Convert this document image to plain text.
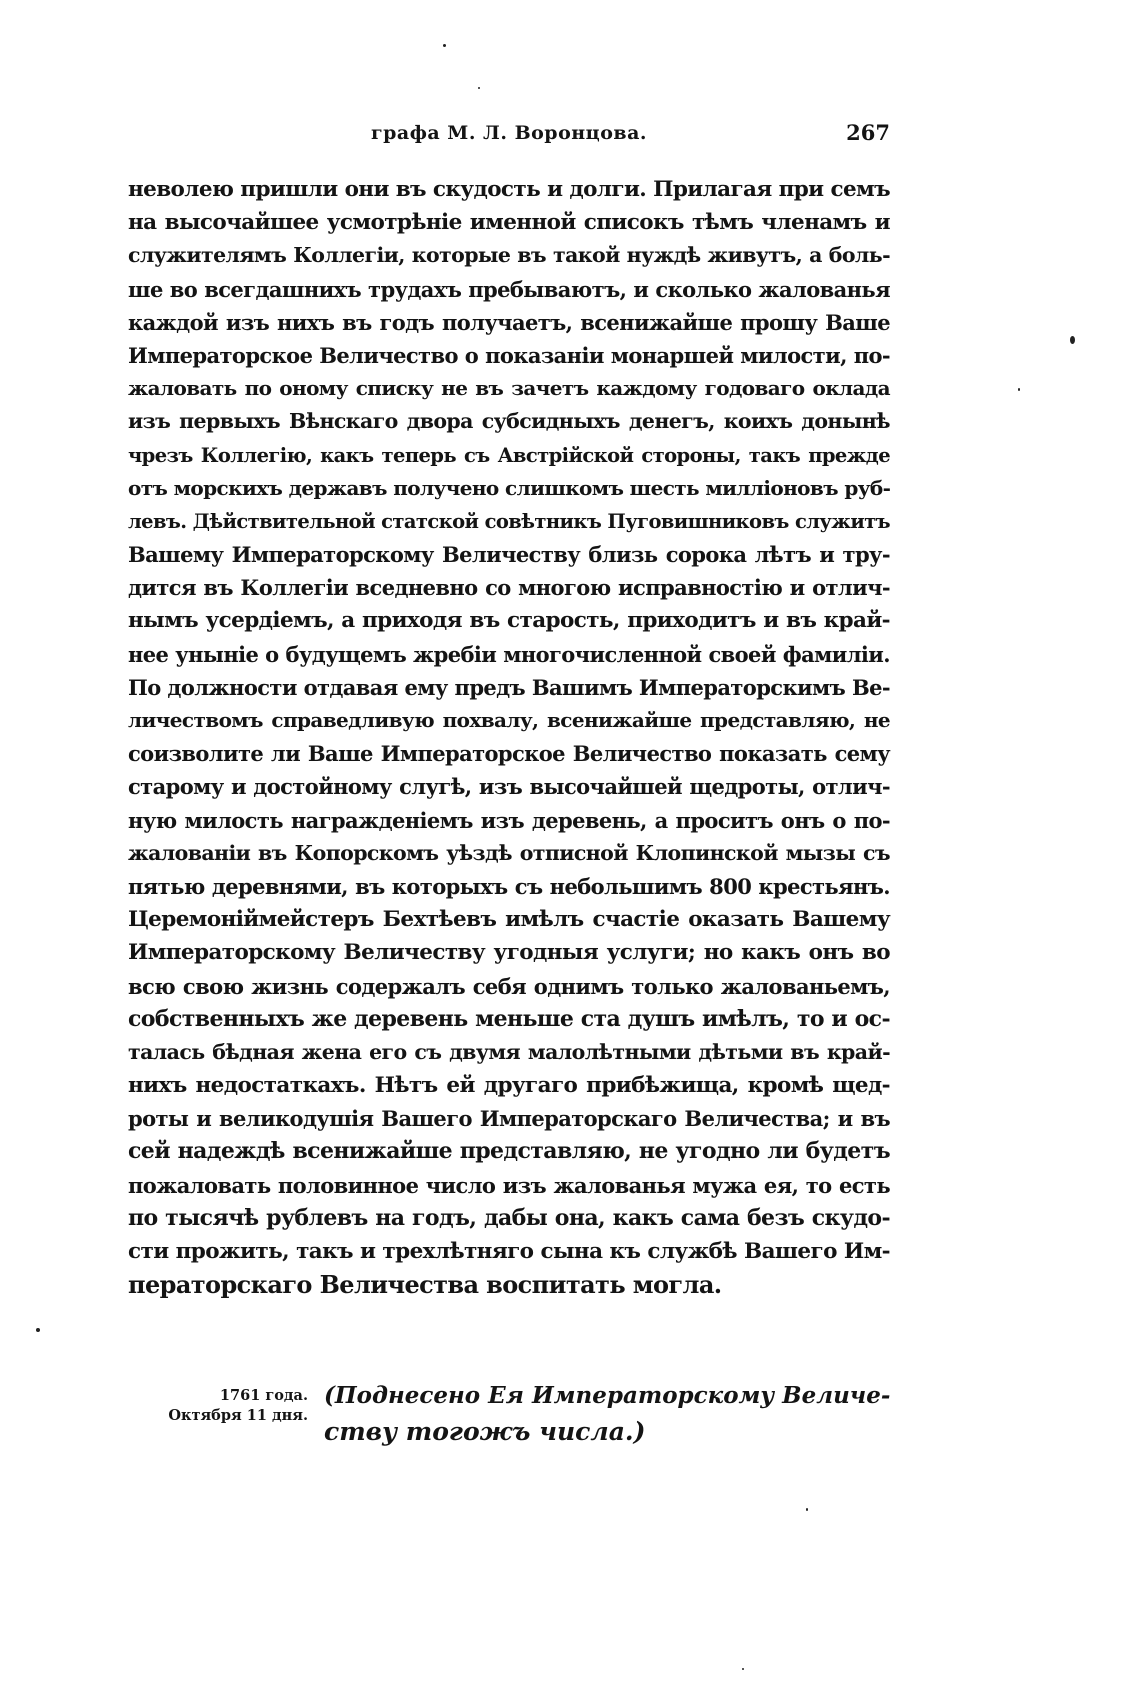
графа М. Л. Воронцова.	267
неволею пришли они въ скудость и долги. Прилагая при семъ
на высочайшее усмотрѣніе именной списокъ тѣмъ членамъ и
служителямъ Коллегіи, которые въ такой нуждѣ живутъ, а боль-
ше во всегдашнихъ трудахъ пребываютъ, и сколько жалованья
каждой изъ нихъ въ годъ получаетъ, всенижайше прошу Ваше
Императорское Величество о показаніи монаршей милости, по-
жаловать по оному списку не въ зачетъ каждому годоваго оклада
изъ первыхъ Вѣнскаго двора субсидныхъ денегъ, коихъ донынѣ
чрезъ Коллегію, какъ теперь съ Австрійской стороны, такъ прежде
отъ морскихъ державъ получено слишкомъ шесть милліоновъ руб-
левъ. Дѣйствительной статской совѣтникъ Пуговишниковъ служитъ
Вашему Императорскому Величеству близь сорока лѣтъ и тру-
дится въ Коллегіи вседневно со многою исправностію и отлич-
нымъ усердіемъ, а приходя въ старость, приходитъ и въ край-
нее уныніе о будущемъ жребіи многочисленной своей фамиліи.
По должности отдавая ему предъ Вашимъ Императорскимъ Ве-
личествомъ справедливую похвалу, всенижайше представляю, не
соизволите ли Ваше Императорское Величество показать сему
старому и достойному слугѣ, изъ высочайшей щедроты, отлич-
ную милость награжденіемъ изъ деревень, а проситъ онъ о по-
жалованіи въ Копорскомъ уѣздѣ отписной Клопинской мызы съ
пятью деревнями, въ которыхъ съ небольшимъ 800 крестьянъ.
Церемоніймейстеръ Бехтѣевъ имѣлъ счастіе оказать Вашему
Императорскому Величеству угодныя услуги; но какъ онъ во
всю свою жизнь содержалъ себя однимъ только жалованьемъ,
собственныхъ же деревень меньше ста душъ имѣлъ, то и ос-
талась бѣдная жена его съ двумя малолѣтными дѣтьми въ край-
нихъ недостаткахъ. Нѣтъ ей другаго прибѣжища, кромѣ щед-
роты и великодушія Вашего Императорскаго Величества; и въ
сей надеждѣ всенижайше представляю, не угодно ли будетъ
пожаловать половинное число изъ жалованья мужа ея, то есть
по тысячѣ рублевъ на годъ, дабы она, какъ сама безъ скудо-
сти прожить, такъ и трехлѣтняго сына къ службѣ Вашего Им-
ператорскаго Величества воспитать могла.
1761 года.
Октября 11 дня.
(Поднесено Ея Императорскому Величе-
ству тогожъ числа.)
